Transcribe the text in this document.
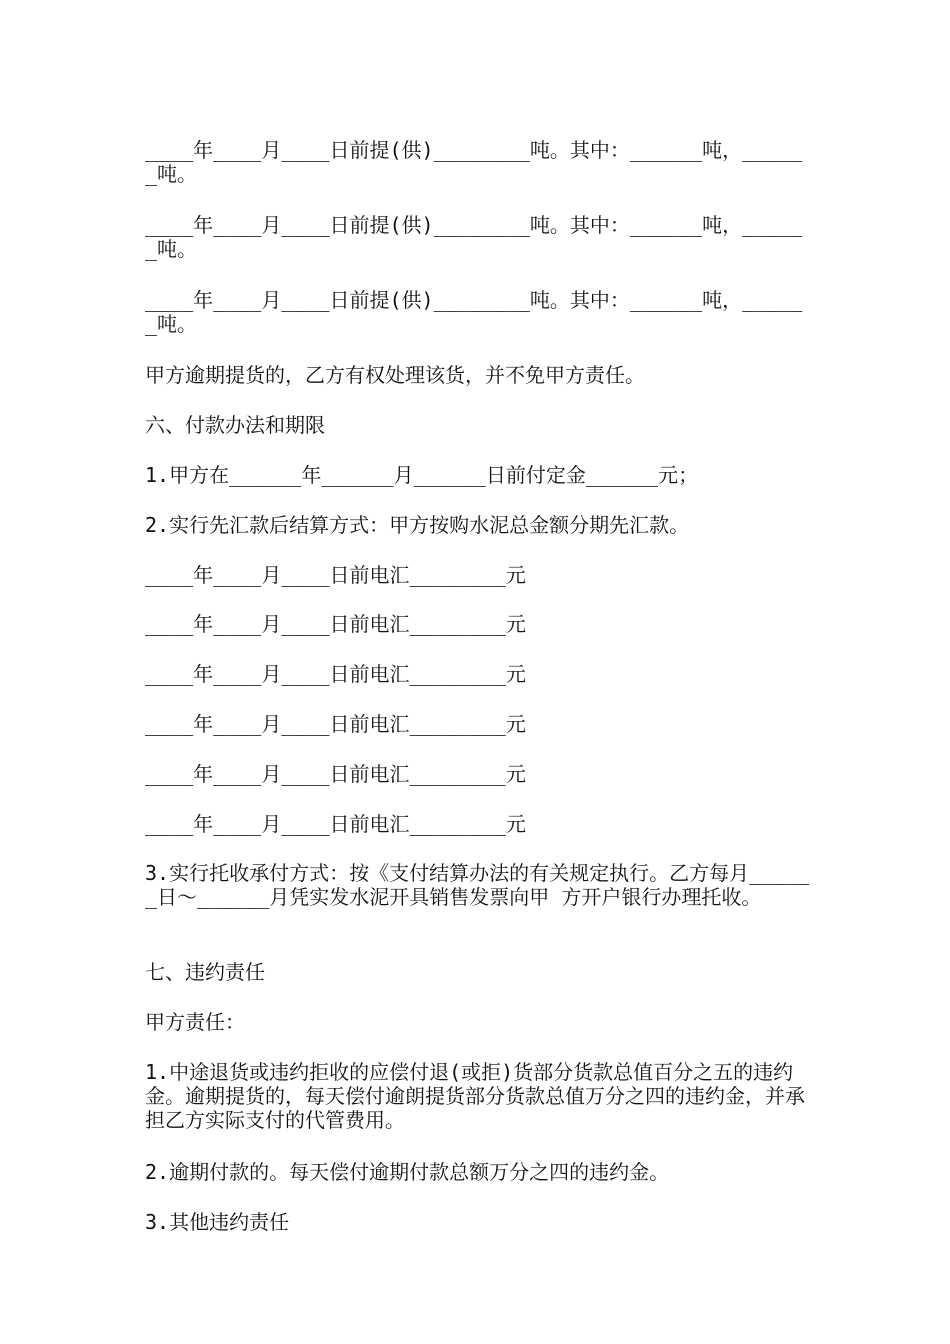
____年____月____日前提(供)________吨。其中：______吨，______吨。

____年____月____日前提(供)________吨。其中：______吨，______吨。

____年____月____日前提(供)________吨。其中：______吨，______吨。

甲方逾期提货的，乙方有权处理该货，并不免甲方责任。

六、付款办法和期限

1.甲方在______年______月______日前付定金______元；

2.实行先汇款后结算方式：甲方按购水泥总金额分期先汇款。

____年____月____日前电汇________元

____年____月____日前电汇________元

____年____月____日前电汇________元

____年____月____日前电汇________元

____年____月____日前电汇________元

____年____月____日前电汇________元

3.实行托收承付方式：按《支付结算办法的有关规定执行。乙方每月______日～______月凭实发水泥开具销售发票向甲 方开户银行办理托收。

七、违约责任

甲方责任：

1.中途退货或违约拒收的应偿付退(或拒)货部分货款总值百分之五的违约金。逾期提货的，每天偿付逾朗提货部分货款总值万分之四的违约金，并承担乙方实际支付的代管费用。

2.逾期付款的。每天偿付逾期付款总额万分之四的违约金。

3.其他违约责任
